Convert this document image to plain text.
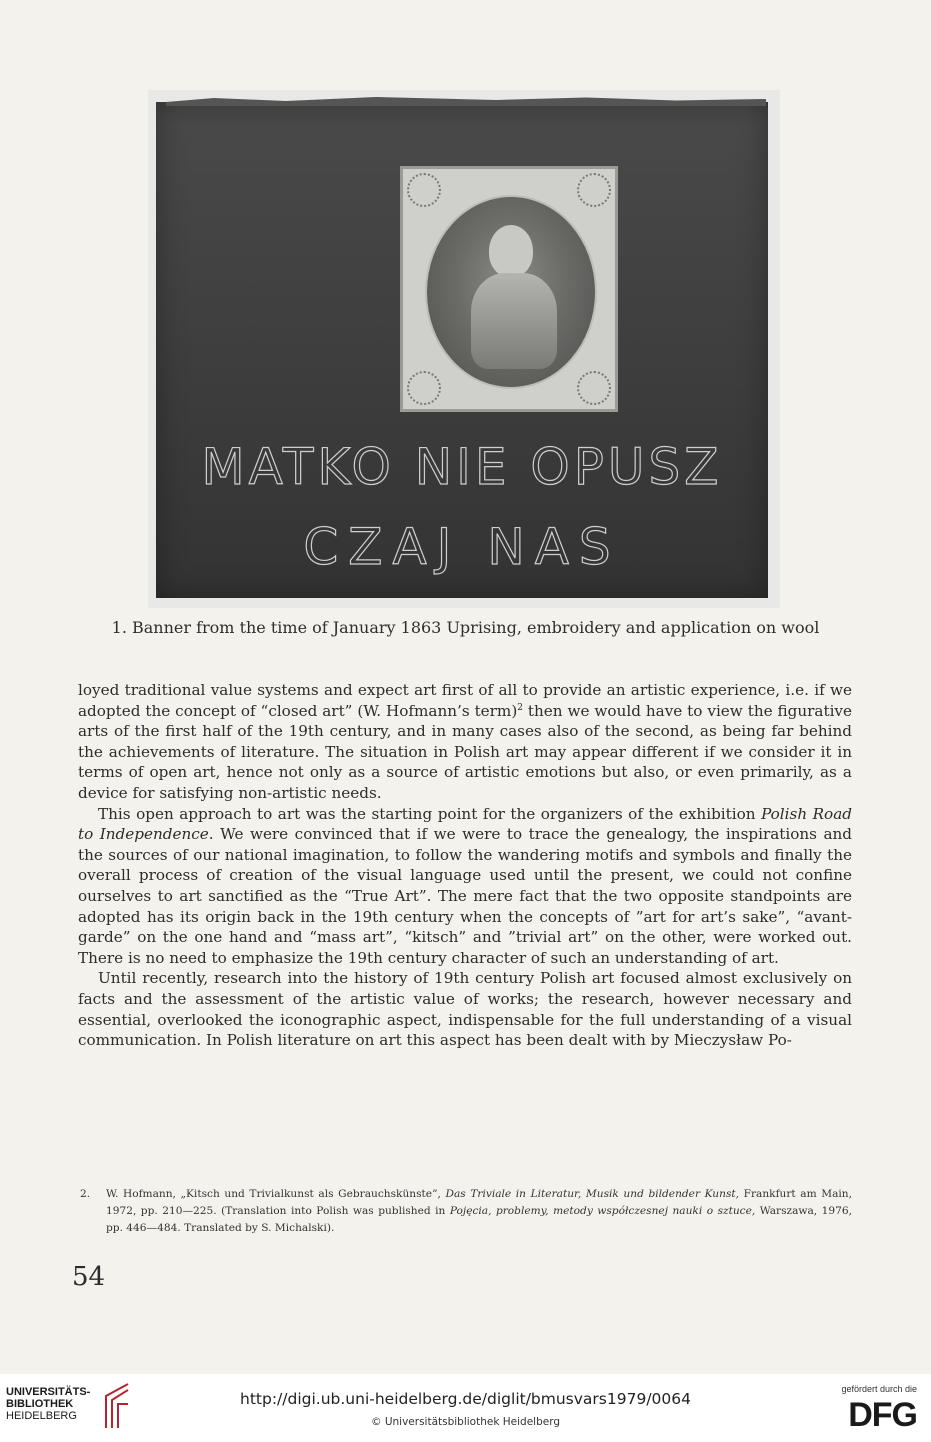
MATKO NIE OPUSZ
CZAJ NAS
1. Banner from the time of January 1863 Uprising, embroidery and application on wool

loyed traditional value systems and expect art first of all to provide an artistic experience, i.e. if we adopted the concept of “closed art” (W. Hofmann’s term)$^2$ then we would have to view the figurative arts of the first half of the 19th century, and in many cases also of the second, as being far behind the achievements of literature. The situation in Polish art may appear different if we consider it in terms of open art, hence not only as a source of artistic emotions but also, or even primarily, as a device for satisfying non-artistic needs.

This open approach to art was the starting point for the organizers of the exhibition Polish Road to Independence. We were convinced that if we were to trace the genealogy, the inspirations and the sources of our national imagination, to follow the wandering motifs and symbols and finally the overall process of creation of the visual language used until the present, we could not confine ourselves to art sanctified as the “True Art”. The mere fact that the two opposite standpoints are adopted has its origin back in the 19th century when the concepts of ”art for art’s sake”, “avant-garde” on the one hand and “mass art”, “kitsch” and ”trivial art” on the other, were worked out. There is no need to emphasize the 19th century character of such an understanding of art.

Until recently, research into the history of 19th century Polish art focused almost exclusively on facts and the assessment of the artistic value of works; the research, however necessary and essential, overlooked the iconographic aspect, indispensable for the full understanding of a visual communication. In Polish literature on art this aspect has been dealt with by Mieczysław Po-

2. W. Hofmann, „Kitsch und Trivialkunst als Gebrauchskünste”, Das Triviale in Literatur, Musik und bildender Kunst, Frankfurt am Main, 1972, pp. 210—225. (Translation into Polish was published in Pojęcia, problemy, metody współczesnej nauki o sztuce, Warszawa, 1976, pp. 446—484. Translated by S. Michalski).
54
UNIVERSITÄTS-
BIBLIOTHEK
HEIDELBERG
http://digi.ub.uni-heidelberg.de/diglit/bmusvars1979/0064
© Universitätsbibliothek Heidelberg
gefördert durch die
DFG
